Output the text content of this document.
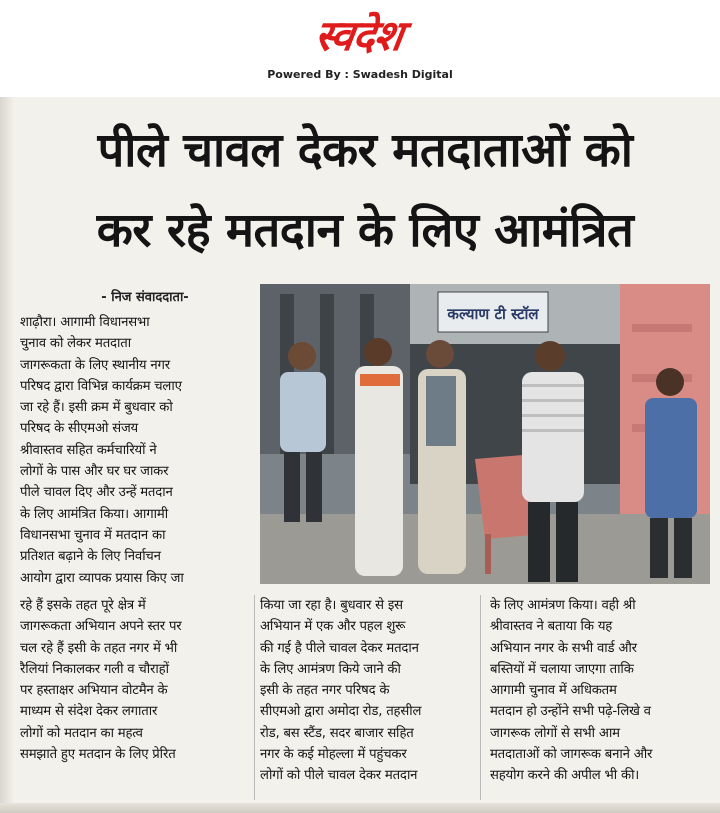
स्वदेश
Powered By : Swadesh Digital
पीले चावल देकर मतदाताओं को
कर रहे मतदान के लिए आमंत्रित
- निज संवाददाता-
शाढ़ौरा। आगामी विधानसभा
चुनाव को लेकर मतदाता
जागरूकता के लिए स्थानीय नगर
परिषद द्वारा विभिन्न कार्यक्रम चलाए
जा रहे हैं। इसी क्रम में बुधवार को
परिषद के सीएमओ संजय
श्रीवास्तव सहित कर्मचारियों ने
लोगों के पास और घर घर जाकर
पीले चावल दिए और उन्हें मतदान
के लिए आमंत्रित किया। आगामी
विधानसभा चुनाव में मतदान का
प्रतिशत बढ़ाने के लिए निर्वाचन
आयोग द्वारा व्यापक प्रयास किए जा
रहे हैं इसके तहत पूरे क्षेत्र में
जागरूकता अभियान अपने स्तर पर
चल रहे हैं इसी के तहत नगर में भी
रैलियां निकालकर गली व चौराहों
पर हस्ताक्षर अभियान वोटमैन के
माध्यम से संदेश देकर लगातार
लोगों को मतदान का महत्व
समझाते हुए मतदान के लिए प्रेरित
किया जा रहा है। बुधवार से इस
अभियान में एक और पहल शुरू
की गई है पीले चावल देकर मतदान
के लिए आमंत्रण किये जाने की
इसी के तहत नगर परिषद के
सीएमओ द्वारा अमोदा रोड, तहसील
रोड, बस स्टैंड, सदर बाजार सहित
नगर के कई मोहल्ला में पहुंचकर
लोगों को पीले चावल देकर मतदान
के लिए आमंत्रण किया। वही श्री
श्रीवास्तव ने बताया कि यह
अभियान नगर के सभी वार्ड और
बस्तियों में चलाया जाएगा ताकि
आगामी चुनाव में अधिकतम
मतदान हो उन्होंने सभी पढ़े-लिखे व
जागरूक लोगों से सभी आम
मतदाताओं को जागरूक बनाने और
सहयोग करने की अपील भी की।
कल्याण टी स्टॉल
